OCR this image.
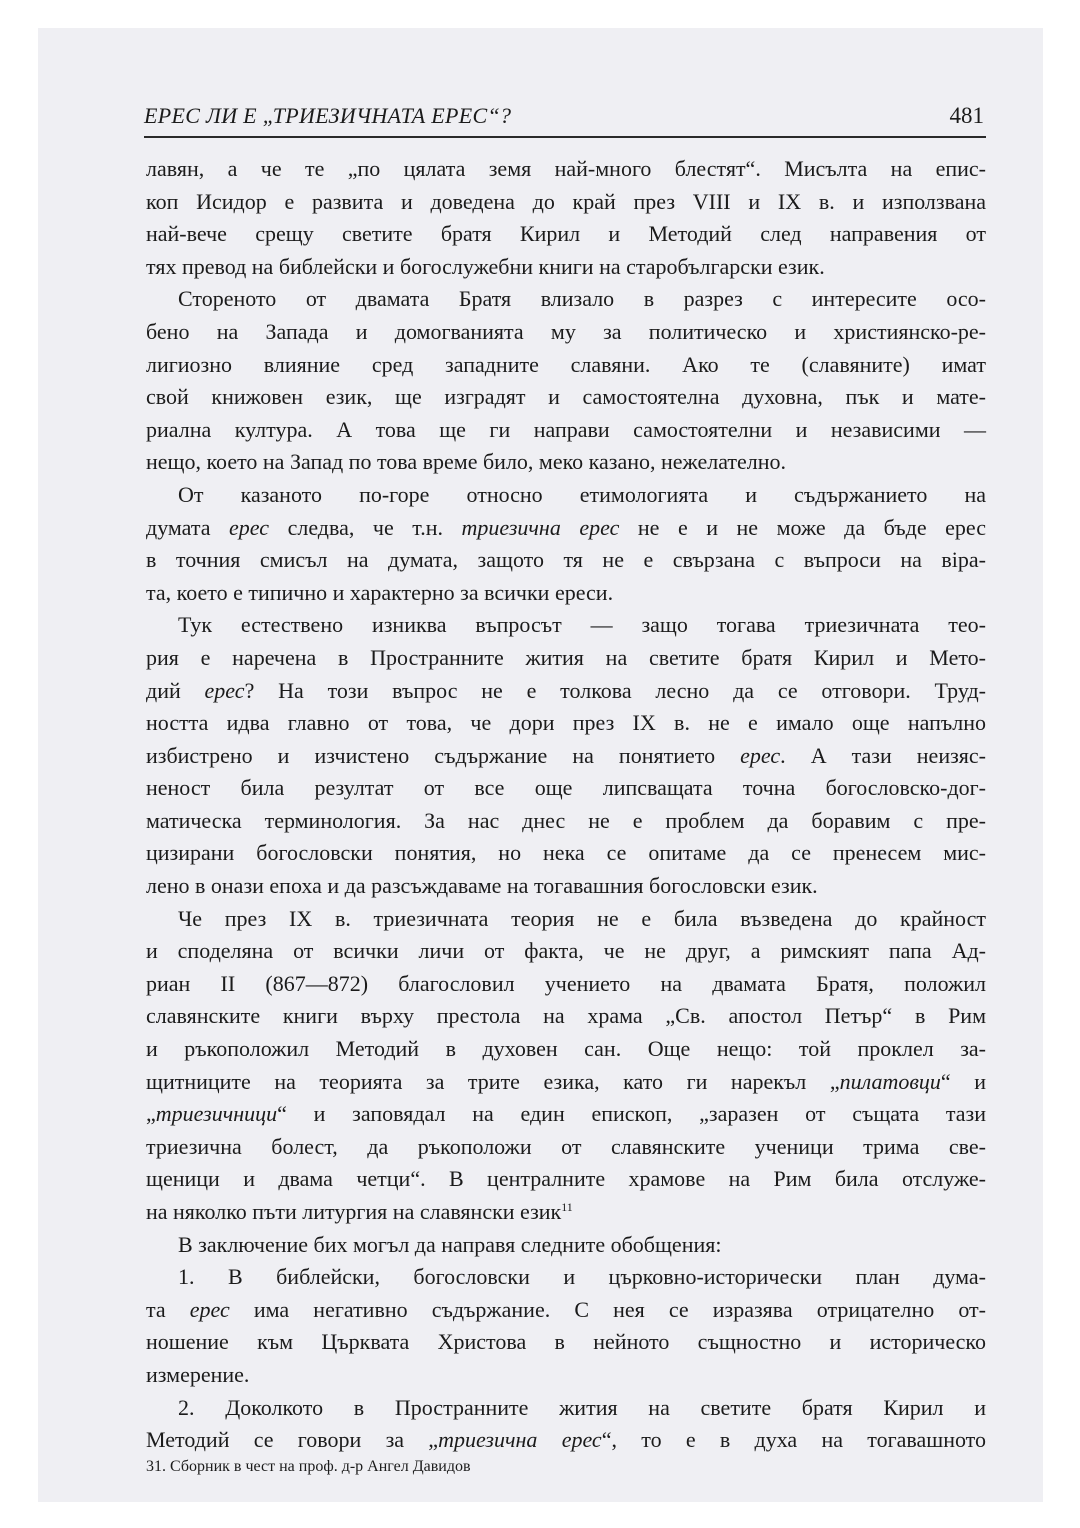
ЕРЕС ЛИ Е „ТРИЕЗИЧНАТА ЕРЕС“?	481
лавян, а че те „по цялата земя най-много блестят“. Мисълта на епис-
коп Исидор е развита и доведена до край през VIII и IX в. и използвана
най-вече срещу светите братя Кирил и Методий след направения от
тях превод на библейски и богослужебни книги на старобългарски език.
Стореното от двамата Братя влизало в разрез с интересите осо-
бено на Запада и домогванията му за политическо и християнско-ре-
лигиозно влияние сред западните славяни. Ако те (славяните) имат
свой книжовен език, ще изградят и самостоятелна духовна, пък и мате-
риална култура. А това ще ги направи самостоятелни и независими —
нещо, което на Запад по това време било, меко казано, нежелателно.
От казаното по-горе относно етимологията и съдържанието на
думата ерес следва, че т.н. триезична ерес не е и не може да бъде ерес
в точния смисъл на думата, защото тя не е свързана с въпроси на віра-
та, което е типично и характерно за всички ереси.
Тук естествено изниква въпросът — защо тогава триезичната тео-
рия е наречена в Пространните жития на светите братя Кирил и Мето-
дий ерес? На този въпрос не е толкова лесно да се отговори. Труд-
ността идва главно от това, че дори през IX в. не е имало още напълно
избистрено и изчистено съдържание на понятието ерес. А тази неизяс-
неност била резултат от все още липсващата точна богословско-дог-
матическа терминология. За нас днес не е проблем да боравим с пре-
цизирани богословски понятия, но нека се опитаме да се пренесем мис-
лено в онази епоха и да разсъждаваме на тогавашния богословски език.
Че през IX в. триезичната теория не е била възведена до крайност
и споделяна от всички личи от факта, че не друг, а римският папа Ад-
риан II (867—872) благословил учението на двамата Братя, положил
славянските книги върху престола на храма „Св. апостол Петър“ в Рим
и ръкоположил Методий в духовен сан. Още нещо: той проклел за-
щитниците на теорията за трите езика, като ги нарекъл „пилатовци“ и
„триезичници“ и заповядал на един епископ, „заразен от същата тази
триезична болест, да ръкоположи от славянските ученици трима све-
щеници и двама четци“. В централните храмове на Рим била отслуже-
на няколко пъти литургия на славянски език$^{11}$
В заключение бих могъл да направя следните обобщения:
1. В библейски, богословски и църковно-исторически план дума-
та ерес има негативно съдържание. С нея се изразява отрицателно от-
ношение към Църквата Христова в нейното същностно и историческо
измерение.
2. Доколкото в Пространните жития на светите братя Кирил и
Методий се говори за „триезична ерес“, то е в духа на тогавашното
31. Сборник в чест на проф. д-р Ангел Давидов
